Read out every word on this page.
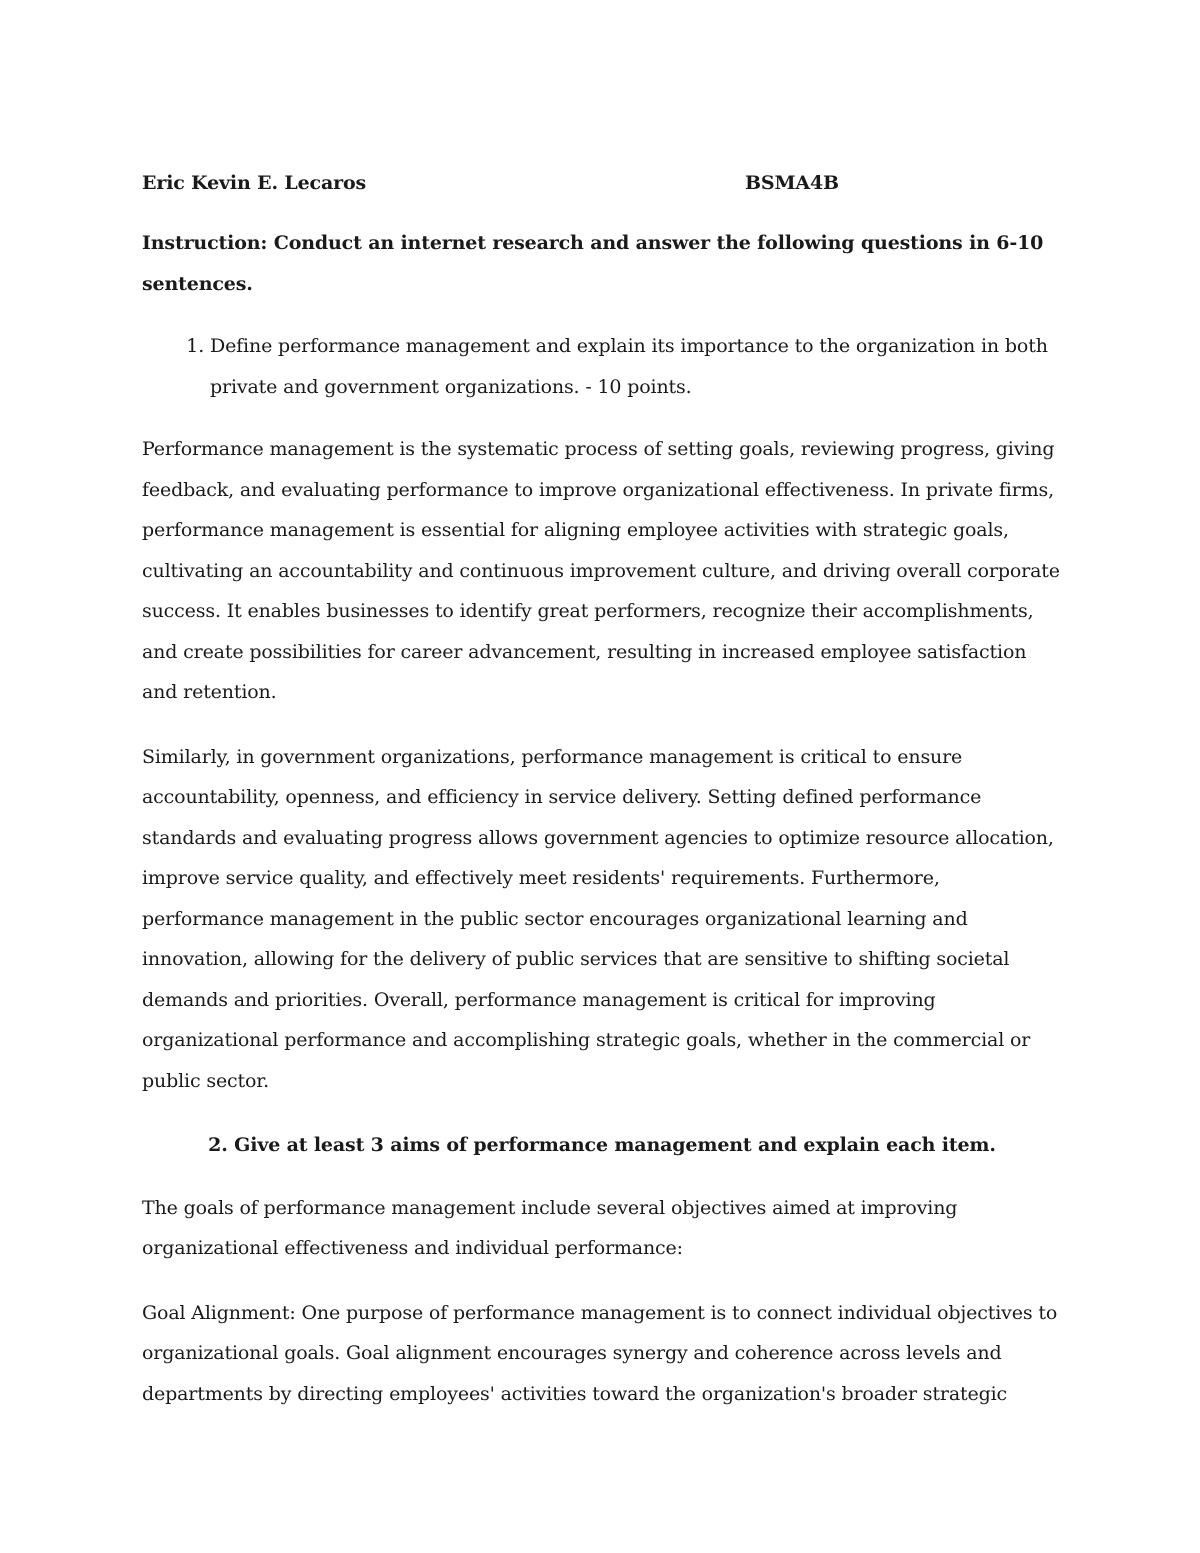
Eric Kevin E. Lecaros	BSMA4B

Instruction: Conduct an internet research and answer the following questions in 6-10 sentences.

1. Define performance management and explain its importance to the organization in both private and government organizations. - 10 points.

Performance management is the systematic process of setting goals, reviewing progress, giving feedback, and evaluating performance to improve organizational effectiveness. In private firms, performance management is essential for aligning employee activities with strategic goals, cultivating an accountability and continuous improvement culture, and driving overall corporate success. It enables businesses to identify great performers, recognize their accomplishments, and create possibilities for career advancement, resulting in increased employee satisfaction and retention.

Similarly, in government organizations, performance management is critical to ensure accountability, openness, and efficiency in service delivery. Setting defined performance standards and evaluating progress allows government agencies to optimize resource allocation, improve service quality, and effectively meet residents' requirements. Furthermore, performance management in the public sector encourages organizational learning and innovation, allowing for the delivery of public services that are sensitive to shifting societal demands and priorities. Overall, performance management is critical for improving organizational performance and accomplishing strategic goals, whether in the commercial or public sector.

2. Give at least 3 aims of performance management and explain each item.

The goals of performance management include several objectives aimed at improving organizational effectiveness and individual performance:

Goal Alignment: One purpose of performance management is to connect individual objectives to organizational goals. Goal alignment encourages synergy and coherence across levels and departments by directing employees' activities toward the organization's broader strategic
